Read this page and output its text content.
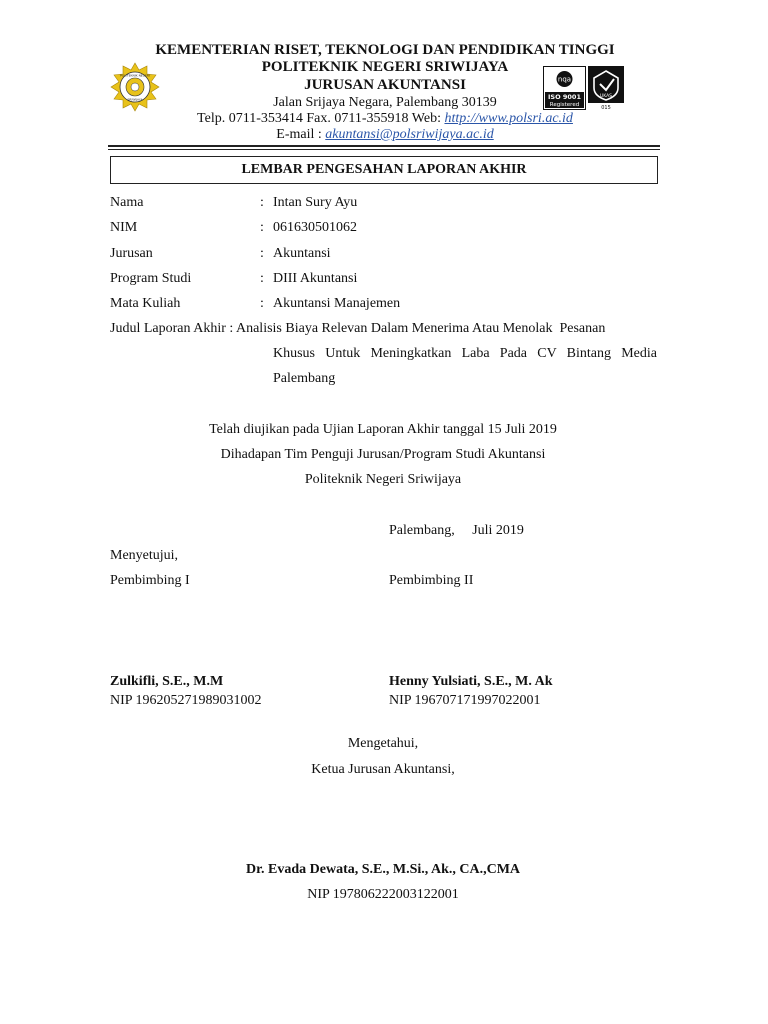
POLITEKNIK NEGERI
SRIWIJAYA
nqa
ISO 9001
Registered
UKAS
015
KEMENTERIAN RISET, TEKNOLOGI DAN PENDIDIKAN TINGGI
POLITEKNIK NEGERI SRIWIJAYA
JURUSAN AKUNTANSI
Jalan Srijaya Negara, Palembang 30139
Telp. 0711-353414 Fax. 0711-355918 Web: http://www.polsri.ac.id
E-mail : akuntansi@polsriwijaya.ac.id
LEMBAR PENGESAHAN LAPORAN AKHIR
Nama	: Intan Sury Ayu
NIM	: 061630501062
Jurusan	: Akuntansi
Program Studi	: DIII Akuntansi
Mata Kuliah	: Akuntansi Manajemen
Judul Laporan Akhir : Analisis Biaya Relevan Dalam Menerima Atau Menolak  Pesanan
Khusus Untuk Meningkatkan Laba Pada CV Bintang Media
Palembang
Telah diujikan pada Ujian Laporan Akhir tanggal 15 Juli 2019
Dihadapan Tim Penguji Jurusan/Program Studi Akuntansi
Politeknik Negeri Sriwijaya
Palembang,     Juli 2019
Menyetujui,
Pembimbing I	Pembimbing II
Zulkifli, S.E., M.M
NIP 196205271989031002
Henny Yulsiati, S.E., M. Ak
NIP 196707171997022001
Mengetahui,
Ketua Jurusan Akuntansi,
Dr. Evada Dewata, S.E., M.Si., Ak., CA.,CMA
NIP 197806222003122001
